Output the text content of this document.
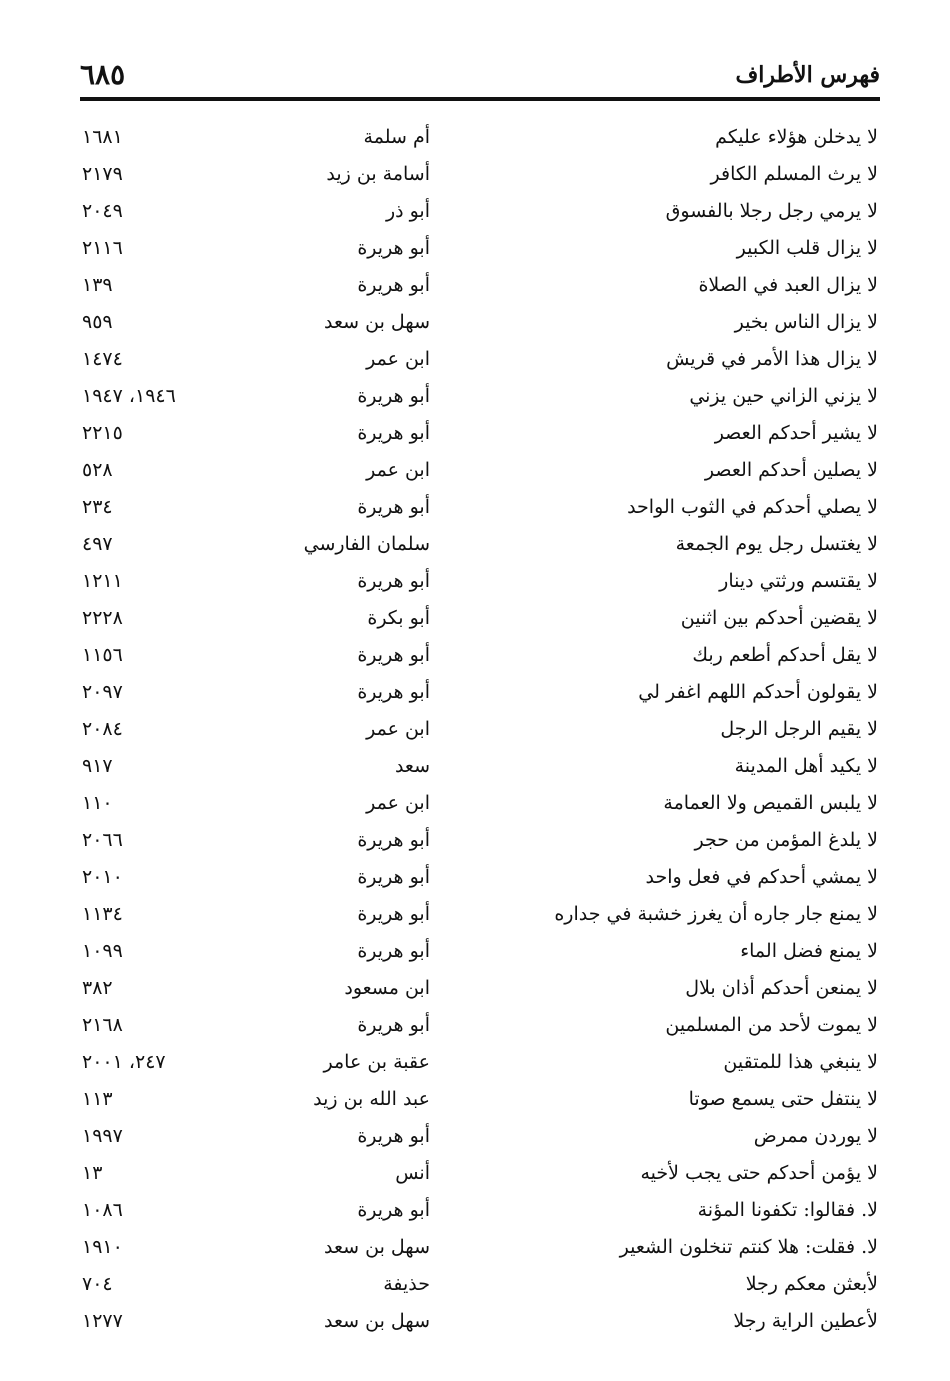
فهرس الأطراف
٦٨٥
لا يدخلن هؤلاء عليكم
أم سلمة
١٦٨١
لا يرث المسلم الكافر
أسامة بن زيد
٢١٧٩
لا يرمي رجل رجلا بالفسوق
أبو ذر
٢٠٤٩
لا يزال قلب الكبير
أبو هريرة
٢١١٦
لا يزال العبد في الصلاة
أبو هريرة
١٣٩
لا يزال الناس بخير
سهل بن سعد
٩٥٩
لا يزال هذا الأمر في قريش
ابن عمر
١٤٧٤
لا يزني الزاني حين يزني
أبو هريرة
١٩٤٦، ١٩٤٧
لا يشير أحدكم العصر
أبو هريرة
٢٢١٥
لا يصلين أحدكم العصر
ابن عمر
٥٢٨
لا يصلي أحدكم في الثوب الواحد
أبو هريرة
٢٣٤
لا يغتسل رجل يوم الجمعة
سلمان الفارسي
٤٩٧
لا يقتسم ورثتي دينار
أبو هريرة
١٢١١
لا يقضين أحدكم بين اثنين
أبو بكرة
٢٢٢٨
لا يقل أحدكم أطعم ربك
أبو هريرة
١١٥٦
لا يقولون أحدكم اللهم اغفر لي
أبو هريرة
٢٠٩٧
لا يقيم الرجل الرجل
ابن عمر
٢٠٨٤
لا يكيد أهل المدينة
سعد
٩١٧
لا يلبس القميص ولا العمامة
ابن عمر
١١٠
لا يلدغ المؤمن من حجر
أبو هريرة
٢٠٦٦
لا يمشي أحدكم في فعل واحد
أبو هريرة
٢٠١٠
لا يمنع جار جاره أن يغرز خشبة في جداره
أبو هريرة
١١٣٤
لا يمنع فضل الماء
أبو هريرة
١٠٩٩
لا يمنعن أحدكم أذان بلال
ابن مسعود
٣٨٢
لا يموت لأحد من المسلمين
أبو هريرة
٢١٦٨
لا ينبغي هذا للمتقين
عقبة بن عامر
٢٤٧، ٢٠٠١
لا ينتفل حتى يسمع صوتا
عبد الله بن زيد
١١٣
لا يوردن ممرض
أبو هريرة
١٩٩٧
لا يؤمن أحدكم حتى يجب لأخيه
أنس
١٣
لا. فقالوا: تكفونا المؤنة
أبو هريرة
١٠٨٦
لا. فقلت: هلا كنتم تنخلون الشعير
سهل بن سعد
١٩١٠
لأبعثن معكم رجلا
حذيفة
٧٠٤
لأعطين الراية رجلا
سهل بن سعد
١٢٧٧
